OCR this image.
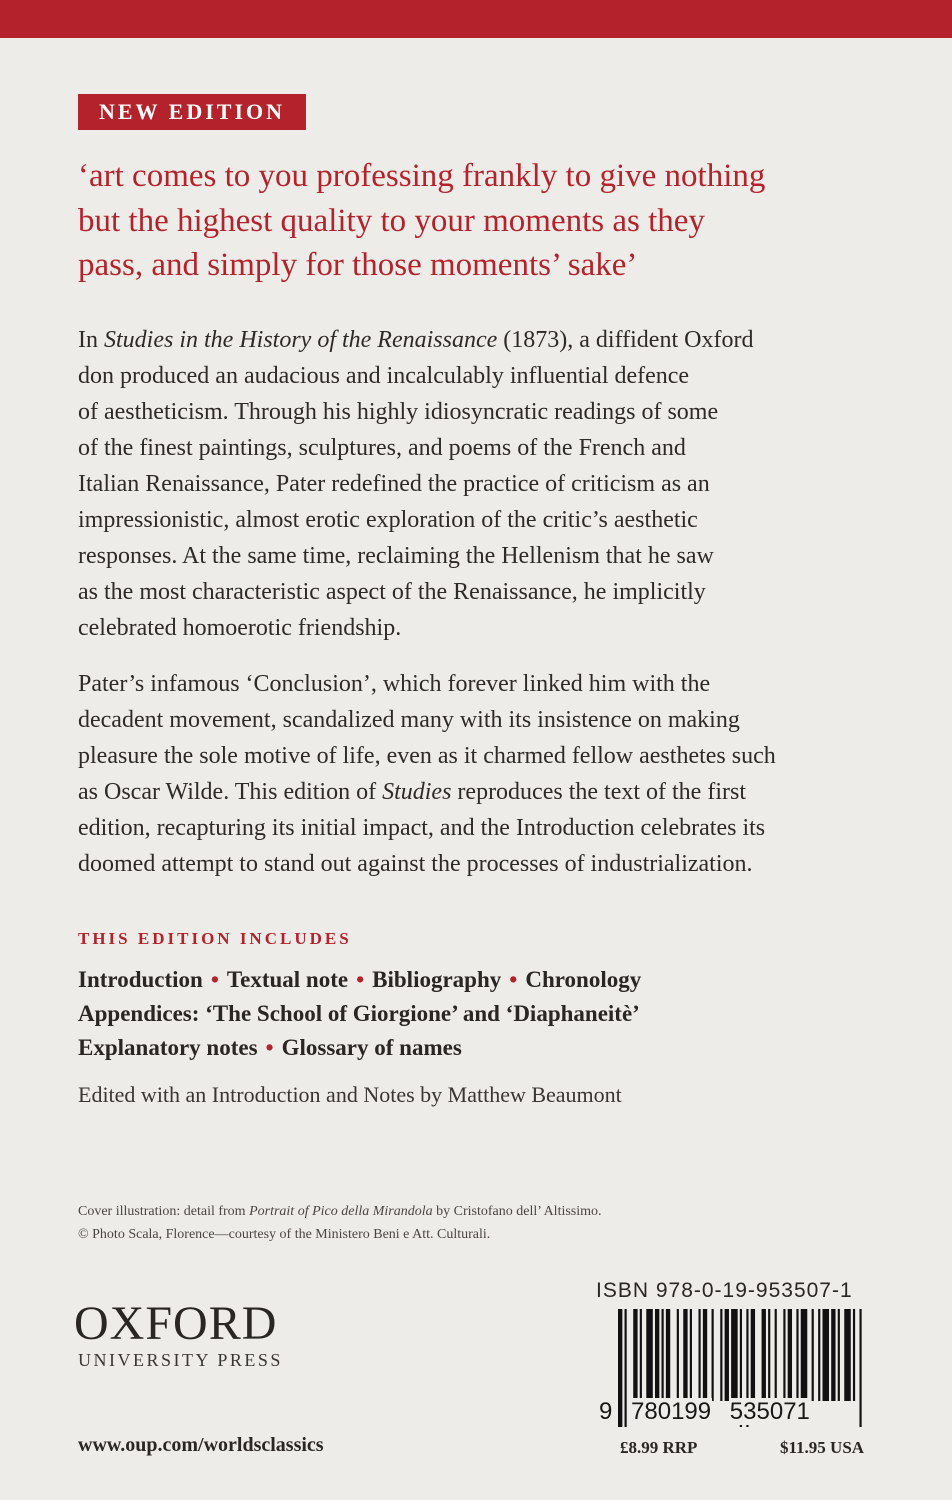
NEW EDITION
‘art comes to you professing frankly to give nothing
but the highest quality to your moments as they
pass, and simply for those moments’ sake’
In Studies in the History of the Renaissance (1873), a diffident Oxford
don produced an audacious and incalculably influential defence
of aestheticism. Through his highly idiosyncratic readings of some
of the finest paintings, sculptures, and poems of the French and
Italian Renaissance, Pater redefined the practice of criticism as an
impressionistic, almost erotic exploration of the critic’s aesthetic
responses. At the same time, reclaiming the Hellenism that he saw
as the most characteristic aspect of the Renaissance, he implicitly
celebrated homoerotic friendship.
Pater’s infamous ‘Conclusion’, which forever linked him with the
decadent movement, scandalized many with its insistence on making
pleasure the sole motive of life, even as it charmed fellow aesthetes such
as Oscar Wilde. This edition of Studies reproduces the text of the first
edition, recapturing its initial impact, and the Introduction celebrates its
doomed attempt to stand out against the processes of industrialization.
THIS EDITION INCLUDES
Introduction • Textual note • Bibliography • Chronology
Appendices: ‘The School of Giorgione’ and ‘Diaphaneitè’
Explanatory notes • Glossary of names
Edited with an Introduction and Notes by Matthew Beaumont
Cover illustration: detail from Portrait of Pico della Mirandola by Cristofano dell’ Altissimo.
© Photo Scala, Florence—courtesy of the Ministero Beni e Att. Culturali.
OXFORD
UNIVERSITY PRESS
www.oup.com/worldsclassics
ISBN 978-0-19-953507-1
9 780199 535071
£8.99 RRP	$11.95 USA
